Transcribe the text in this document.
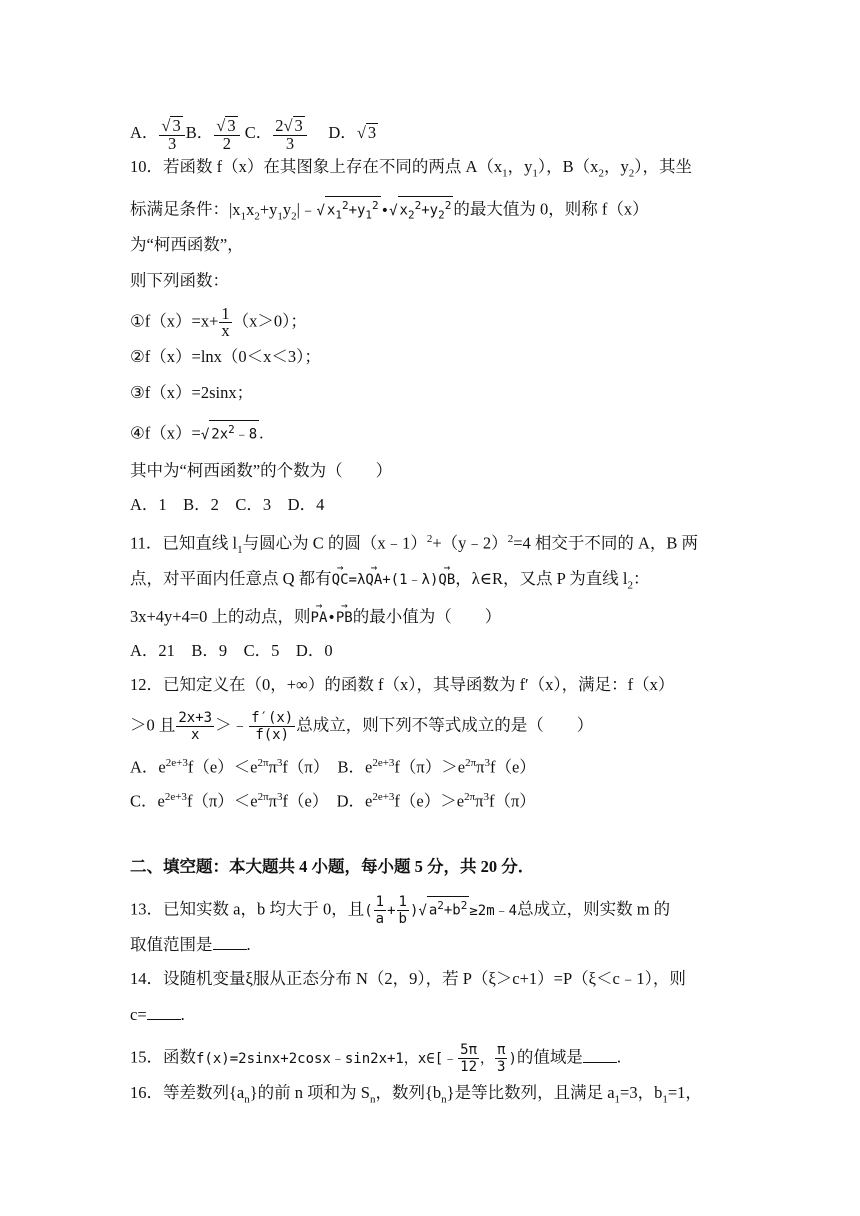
A． $\frac{√ 3}{3}$ B． $\frac{√ 3}{2}$ C． $\frac{2√ 3}{3}$ D．√ 3
10．若函数 f（x）在其图象上存在不同的两点 $A(x_1$，$y_1$），$B(x_2$，$y_2$），其坐
标满足条件：$|x_1x_2+y_1y_2|﹣√$ $x_1^2+y_1^2$ •√ $x_2^2+y_2^2$ 的最大值为 0，则称 f（x）
为“柯西函数”，
则下列函数：
①f（x）=x+ $\frac{1}{x} (x>0)$；
②f（x）=lnx（0＜x＜3）；
③f（x）=2sinx；
④f（x）=√ $2x^2﹣8$ .
其中为“柯西函数”的个数为（　　）
A．1　B．2　C．3　D．4
11．已知直线 $l_1$与圆心为 C 的圆（x﹣1）$^2$+（y﹣2）$^2$=4 相交于不同的 A，B 两
点，对平面内任意点 Q 都有→ QC=λ→ QA+(1﹣λ)→ QB，λ∈R，又点 P 为直线 $l_2$：
3x+4y+4=0 上的动点，则→ PA•→ PB的最小值为（　　）
A．21　B．9　C．5　D．0
12．已知定义在（0，+∞）的函数 f（x），其导函数为 f′（x），满足：f（x）
＞0 且 $\frac{2x+3}{x}$ ＞﹣ $\frac{f'(x)}{f(x)}$ 总成立，则下列不等式成立的是（　　）
A．$e^{2e+3}f(e)<e^{2\pi}\pi^3f(\pi)$  B．$e^{2e+3}f(\pi)>e^{2\pi}\pi^3f(e)$
C．$e^{2e+3}f(\pi)<e^{2\pi}\pi^3f(e)$  D．$e^{2e+3}f(e)>e^{2\pi}\pi^3f(\pi)$
二、填空题：本大题共 4 小题，每小题 5 分，共 20 分．
13．已知实数 a，b 均大于 0，且( $\frac{1}{a} + \frac{1}{b}$ )√ $a^2+b^2$ ≥2m﹣4总成立，则实数 m 的
取值范围是 .
14．设随机变量ξ服从正态分布 N（2，9），若 P（ξ＞c+1）=P（ξ＜c﹣1），则
c= .
15．函数f(x)=2sinx+2cosx﹣sin2x+1，x∈[﹣ $\frac{5\pi}{12}$ ， $\frac{\pi}{3}$ )的值域是 .
16．等差数列$\{a_n\}$的前 n 项和为 $S_n$，数列$\{b_n\}$是等比数列，且满足 $a_1=3$，$b_1=1$，
